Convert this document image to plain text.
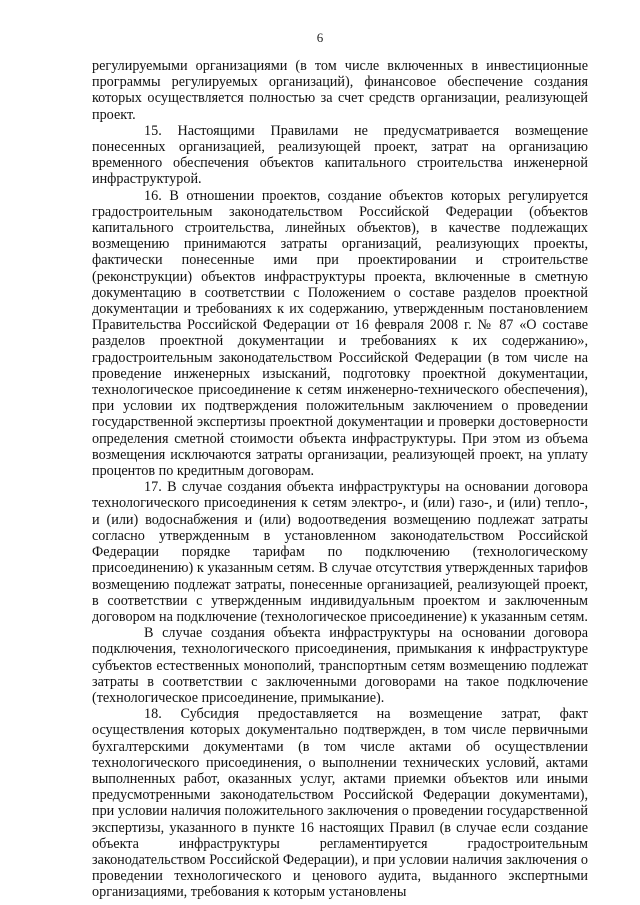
6

регулируемыми организациями (в том числе включенных в инвестиционные программы регулируемых организаций), финансовое обеспечение создания которых осуществляется полностью за счет средств организации, реализующей проект.

15. Настоящими Правилами не предусматривается возмещение понесенных организацией, реализующей проект, затрат на организацию временного обеспечения объектов капитального строительства инженерной инфраструктурой.

16. В отношении проектов, создание объектов которых регулируется градостроительным законодательством Российской Федерации (объектов капитального строительства, линейных объектов), в качестве подлежащих возмещению принимаются затраты организаций, реализующих проекты, фактически понесенные ими при проектировании и строительстве (реконструкции) объектов инфраструктуры проекта, включенные в сметную документацию в соответствии с Положением о составе разделов проектной документации и требованиях к их содержанию, утвержденным постановлением Правительства Российской Федерации от 16 февраля 2008 г. № 87 «О составе разделов проектной документации и требованиях к их содержанию», градостроительным законодательством Российской Федерации (в том числе на проведение инженерных изысканий, подготовку проектной документации, технологическое присоединение к сетям инженерно-технического обеспечения), при условии их подтверждения положительным заключением о проведении государственной экспертизы проектной документации и проверки достоверности определения сметной стоимости объекта инфраструктуры. При этом из объема возмещения исключаются затраты организации, реализующей проект, на уплату процентов по кредитным договорам.

17. В случае создания объекта инфраструктуры на основании договора технологического присоединения к сетям электро-, и (или) газо-, и (или) тепло-, и (или) водоснабжения и (или) водоотведения возмещению подлежат затраты согласно утвержденным в установленном законодательством Российской Федерации порядке тарифам по подключению (технологическому присоединению) к указанным сетям. В случае отсутствия утвержденных тарифов возмещению подлежат затраты, понесенные организацией, реализующей проект, в соответствии с утвержденным индивидуальным проектом и заключенным договором на подключение (технологическое присоединение) к указанным сетям.

В случае создания объекта инфраструктуры на основании договора подключения, технологического присоединения, примыкания к инфраструктуре субъектов естественных монополий, транспортным сетям возмещению подлежат затраты в соответствии с заключенными договорами на такое подключение (технологическое присоединение, примыкание).

18. Субсидия предоставляется на возмещение затрат, факт осуществления которых документально подтвержден, в том числе первичными бухгалтерскими документами (в том числе актами об осуществлении технологического присоединения, о выполнении технических условий, актами выполненных работ, оказанных услуг, актами приемки объектов или иными предусмотренными законодательством Российской Федерации документами), при условии наличия положительного заключения о проведении государственной экспертизы, указанного в пункте 16 настоящих Правил (в случае если создание объекта инфраструктуры регламентируется градостроительным законодательством Российской Федерации), и при условии наличия заключения о проведении технологического и ценового аудита, выданного экспертными организациями, требования к которым установлены
